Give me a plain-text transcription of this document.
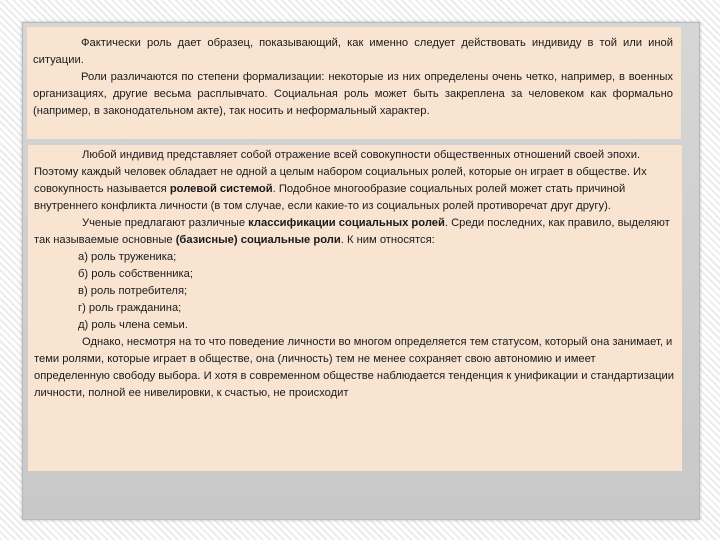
Фактически роль дает образец, показывающий, как именно следует действовать индивиду в той или иной ситуации.

Роли различаются по степени формализации: некоторые из них определены очень четко, например, в военных организациях, другие весьма расплывчато. Социальная роль может быть закреплена за человеком как формально (например, в законодательном акте), так носить и неформальный характер.

Любой индивид представляет собой отражение всей совокупности общественных отношений своей эпохи. Поэтому каждый человек обладает не одной а целым набором социальных ролей, которые он играет в обществе. Их совокупность называется ролевой системой. Подобное многообразие социальных ролей может стать причиной внутреннего конфликта личности (в том случае, если какие-то из социальных ролей противоречат друг другу).

Ученые предлагают различные классификации социальных ролей. Среди последних, как правило, выделяют так называемые основные (базисные) социальные роли. К ним относятся:

а) роль труженика;

б) роль собственника;

в) роль потребителя;

г) роль гражданина;

д) роль члена семьи.

Однако, несмотря на то что поведение личности во многом определяется тем статусом, который она занимает, и теми ролями, которые играет в обществе, она (личность) тем не менее сохраняет свою автономию и имеет определенную свободу выбора. И хотя в современном обществе наблюдается тенденция к унификации и стандартизации личности, полной ее нивелировки, к счастью, не происходит
